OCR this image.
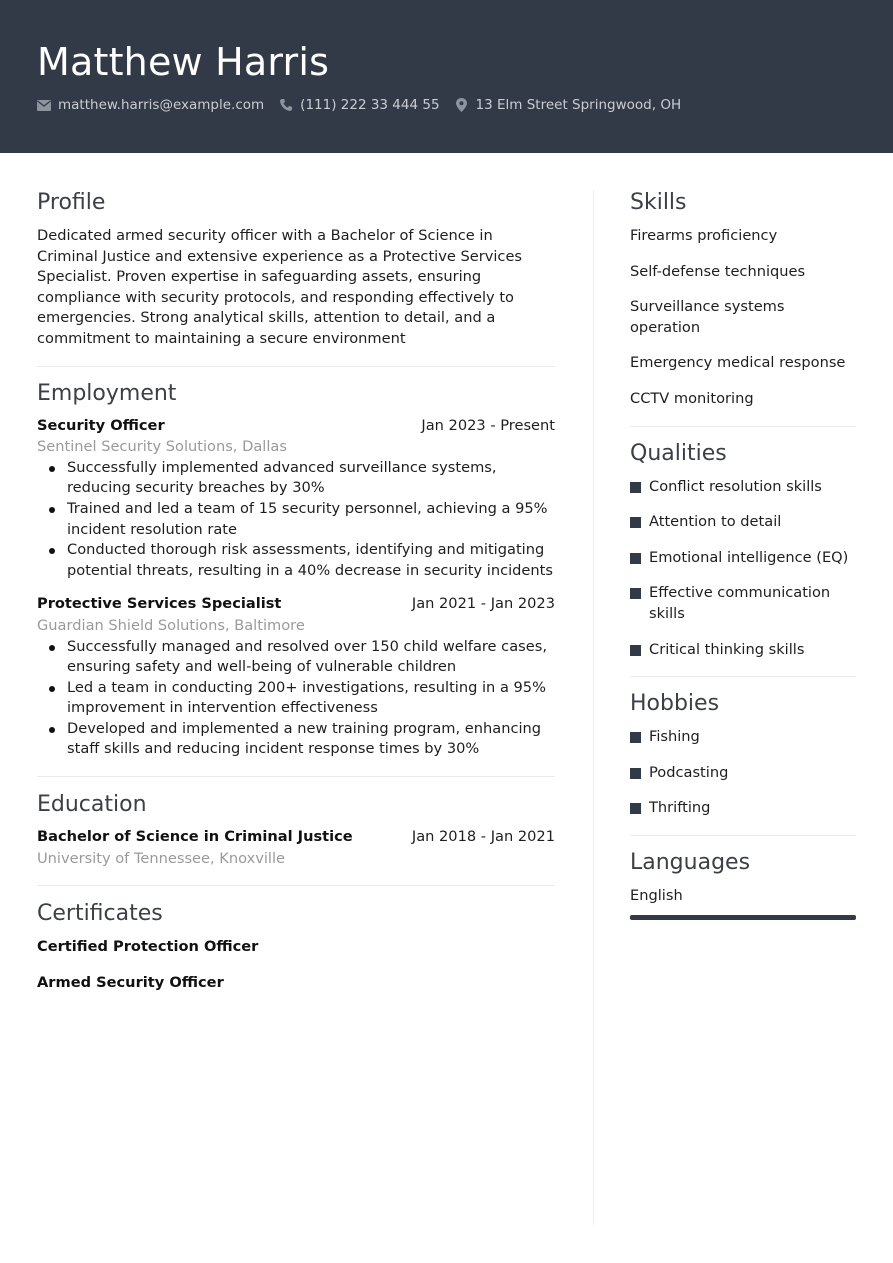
Matthew Harris
matthew.harris@example.com	(111) 222 33 444 55	13 Elm Street Springwood, OH
Profile
Dedicated armed security officer with a Bachelor of Science in Criminal Justice and extensive experience as a Protective Services Specialist. Proven expertise in safeguarding assets, ensuring compliance with security protocols, and responding effectively to emergencies. Strong analytical skills, attention to detail, and a commitment to maintaining a secure environment
Employment
Security Officer	Jan 2023 - Present
Sentinel Security Solutions, Dallas
Successfully implemented advanced surveillance systems, reducing security breaches by 30%
Trained and led a team of 15 security personnel, achieving a 95% incident resolution rate
Conducted thorough risk assessments, identifying and mitigating potential threats, resulting in a 40% decrease in security incidents
Protective Services Specialist	Jan 2021 - Jan 2023
Guardian Shield Solutions, Baltimore
Successfully managed and resolved over 150 child welfare cases, ensuring safety and well-being of vulnerable children
Led a team in conducting 200+ investigations, resulting in a 95% improvement in intervention effectiveness
Developed and implemented a new training program, enhancing staff skills and reducing incident response times by 30%
Education
Bachelor of Science in Criminal Justice	Jan 2018 - Jan 2021
University of Tennessee, Knoxville
Certificates
Certified Protection Officer
Armed Security Officer
Skills
Firearms proficiency
Self-defense techniques
Surveillance systems operation
Emergency medical response
CCTV monitoring
Qualities
Conflict resolution skills
Attention to detail
Emotional intelligence (EQ)
Effective communication skills
Critical thinking skills
Hobbies
Fishing
Podcasting
Thrifting
Languages
English
